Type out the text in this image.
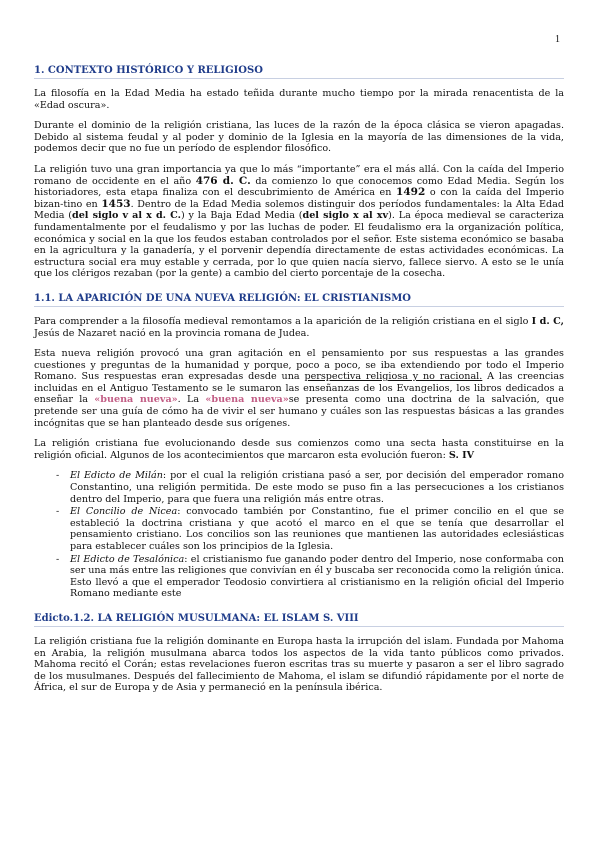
1
1. CONTEXTO HISTÓRICO Y RELIGIOSO

La filosofía en la Edad Media ha estado teñida durante mucho tiempo por la mirada renacentista de la «Edad oscura».

Durante el dominio de la religión cristiana, las luces de la razón de la época clásica se vieron apagadas. Debido al sistema feudal y al poder y dominio de la Iglesia en la mayoría de las dimensiones de la vida, podemos decir que no fue un período de esplendor filosófico.

La religión tuvo una gran importancia ya que lo más “importante” era el más allá. Con la caída del Imperio romano de occidente en el año 476 d. C. da comienzo lo que conocemos como Edad Media. Según los historiadores, esta etapa finaliza con el descubrimiento de América en 1492 o con la caída del Imperio bizan-tino en 1453. Dentro de la Edad Media solemos distinguir dos períodos fundamentales: la Alta Edad Media (del siglo v al x d. C.) y la Baja Edad Media (del siglo x al xv). La época medieval se caracteriza fundamentalmente por el feudalismo y por las luchas de poder. El feudalismo era la organización política, económica y social en la que los feudos estaban controlados por el señor. Este sistema económico se basaba en la agricultura y la ganadería, y el porvenir dependía directamente de estas actividades económicas. La estructura social era muy estable y cerrada, por lo que quien nacía siervo, fallece siervo. A esto se le unía que los clérigos rezaban (por la gente) a cambio del cierto porcentaje de la cosecha.

1.1. LA APARICIÓN DE UNA NUEVA RELIGIÓN: EL CRISTIANISMO

Para comprender a la filosofía medieval remontamos a la aparición de la religión cristiana en el siglo I d. C, Jesús de Nazaret nació en la provincia romana de Judea.

Esta nueva religión provocó una gran agitación en el pensamiento por sus respuestas a las grandes cuestiones y preguntas de la humanidad y porque, poco a poco, se iba extendiendo por todo el Imperio Romano. Sus respuestas eran expresadas desde una perspectiva religiosa y no racional. A las creencias incluidas en el Antiguo Testamento se le sumaron las enseñanzas de los Evangelios, los libros dedicados a enseñar la «buena nueva». La «buena nueva»se presenta como una doctrina de la salvación, que pretende ser una guía de cómo ha de vivir el ser humano y cuáles son las respuestas básicas a las grandes incógnitas que se han planteado desde sus orígenes.

La religión cristiana fue evolucionando desde sus comienzos como una secta hasta constituirse en la religión oficial. Algunos de los acontecimientos que marcaron esta evolución fueron: S. IV

- El Edicto de Milán: por el cual la religión cristiana pasó a ser, por decisión del emperador romano Constantino, una religión permitida. De este modo se puso fin a las persecuciones a los cristianos dentro del Imperio, para que fuera una religión más entre otras.
- El Concilio de Nicea: convocado también por Constantino, fue el primer concilio en el que se estableció la doctrina cristiana y que acotó el marco en el que se tenía que desarrollar el pensamiento cristiano. Los concilios son las reuniones que mantienen las autoridades eclesiásticas para establecer cuáles son los principios de la Iglesia.
- El Edicto de Tesalónica: el cristianismo fue ganando poder dentro del Imperio, nose conformaba con ser una más entre las religiones que convivían en él y buscaba ser reconocida como la religión única. Esto llevó a que el emperador Teodosio convirtiera al cristianismo en la religión oficial del Imperio Romano mediante este
Edicto.1.2. LA RELIGIÓN MUSULMANA: EL ISLAM S. VIII

La religión cristiana fue la religión dominante en Europa hasta la irrupción del islam. Fundada por Mahoma en Arabia, la religión musulmana abarca todos los aspectos de la vida tanto públicos como privados. Mahoma recitó el Corán; estas revelaciones fueron escritas tras su muerte y pasaron a ser el libro sagrado de los musulmanes. Después del fallecimiento de Mahoma, el islam se difundió rápidamente por el norte de África, el sur de Europa y de Asia y permaneció en la península ibérica.
